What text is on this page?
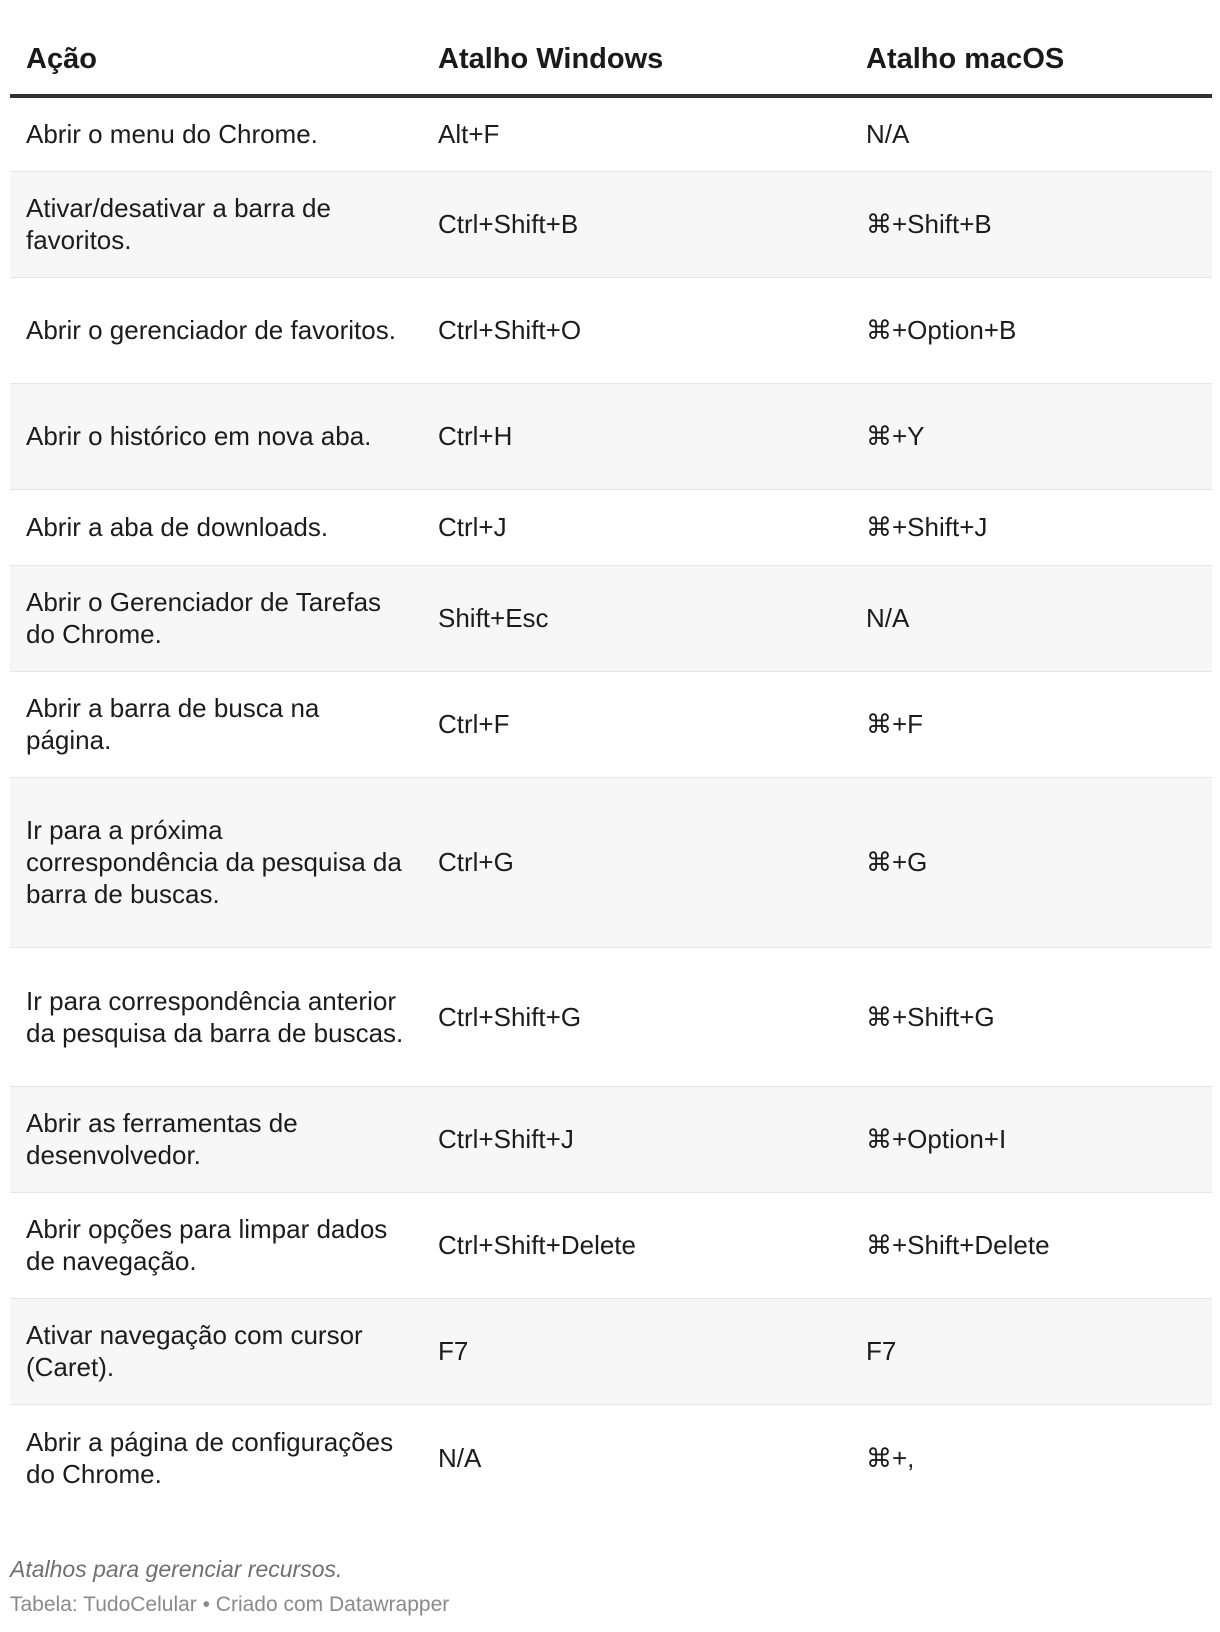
Ação	Atalho Windows	Atalho macOS
Abrir o menu do Chrome.	Alt+F	N/A
Ativar/desativar a barra de favoritos.	Ctrl+Shift+B	⌘+Shift+B
Abrir o gerenciador de favoritos.	Ctrl+Shift+O	⌘+Option+B
Abrir o histórico em nova aba.	Ctrl+H	⌘+Y
Abrir a aba de downloads.	Ctrl+J	⌘+Shift+J
Abrir o Gerenciador de Tarefas do Chrome.	Shift+Esc	N/A
Abrir a barra de busca na página.	Ctrl+F	⌘+F
Ir para a próxima correspondência da pesquisa da barra de buscas.	Ctrl+G	⌘+G
Ir para correspondência anterior da pesquisa da barra de buscas.	Ctrl+Shift+G	⌘+Shift+G
Abrir as ferramentas de desenvolvedor.	Ctrl+Shift+J	⌘+Option+I
Abrir opções para limpar dados de navegação.	Ctrl+Shift+Delete	⌘+Shift+Delete
Ativar navegação com cursor (Caret).	F7	F7
Abrir a página de configurações do Chrome.	N/A	⌘+,
Atalhos para gerenciar recursos.
Tabela: TudoCelular • Criado com Datawrapper
